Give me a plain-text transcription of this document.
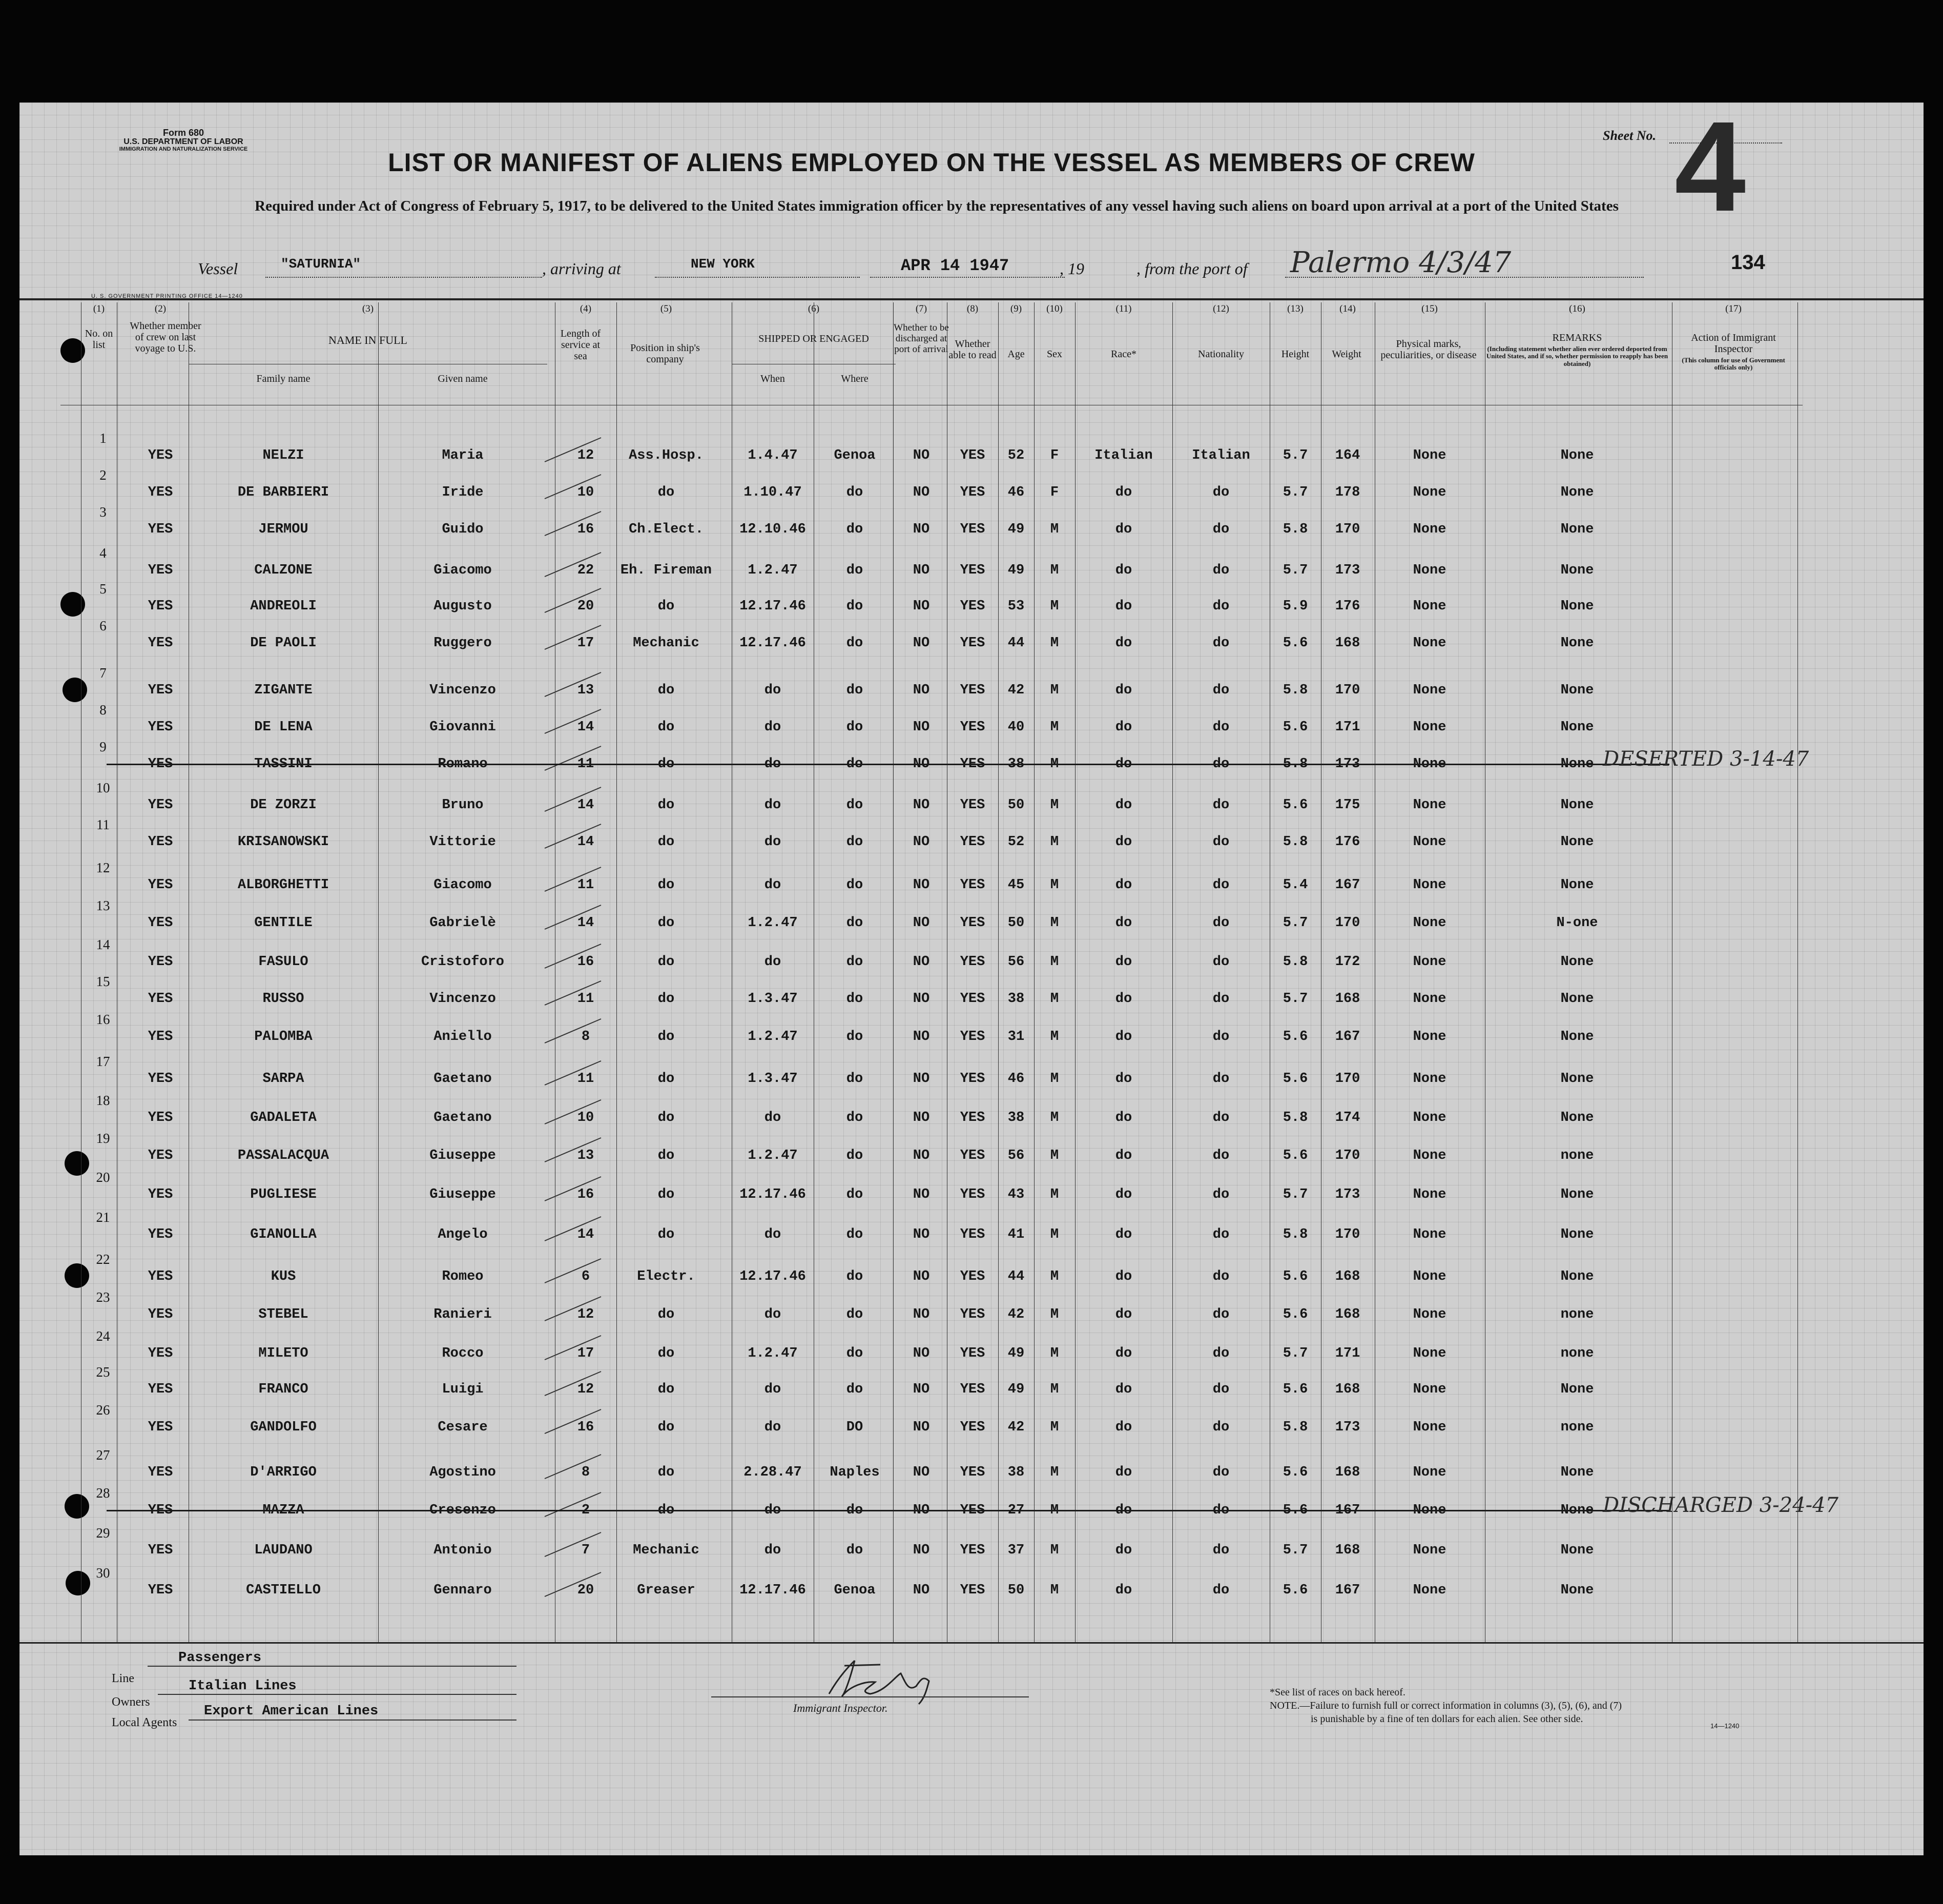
Form 680
U.S. DEPARTMENT OF LABOR
IMMIGRATION AND NATURALIZATION SERVICE	LIST OR MANIFEST OF ALIENS EMPLOYED ON THE VESSEL AS MEMBERS OF CREW
Required under Act of Congress of February 5, 1917, to be delivered to the United States immigration officer by the representatives of any vessel having such aliens on board upon arrival at a port of the United States
Sheet No. 4
Vessel	"SATURNIA"	, arriving at	NEW YORK	APR 14 1947	, 19	, from the port of Palermo 4/3/47	134
U. S. GOVERNMENT PRINTING OFFICE 14—1240
(1)	(2)	(3)	(4)	(5)	(6)	(7)	(8)	(9)	(10)	(11)	(12)	(13)	(14)	(15)	(16)	(17)
No. on list
Whether member of crew on last voyage to U.S.
NAME IN FULL
Family name	Given name
Length of service at sea
Position in ship's company
SHIPPED OR ENGAGED
When	Where
Whether to be discharged at port of arrival Whether able to read	Age	Sex	Race*	Nationality	Height	Weight
Physical marks, peculiarities, or disease
REMARKS
(Including statement whether alien ever ordered deported from United States, and if so, whether permission to reapply has been obtained)
Action of Immigrant Inspector
(This column for use of Government officials only)
1
YES	NELZI	Maria	12	Ass.Hosp.	1.4.47	Genoa	NO	YES	52	F	Italian	Italian	5.7	164	None	None
2
YES	DE BARBIERI	Iride	10	do	1.10.47	do	NO	YES	46	F	do	do	5.7	178	None	None
3
YES	JERMOU	Guido	16	Ch.Elect.	12.10.46	do	NO	YES	49	M	do	do	5.8	170	None	None
4
YES	CALZONE	Giacomo	22	Eh. Fireman	1.2.47	do	NO	YES	49	M	do	do	5.7	173	None	None
5
YES	ANDREOLI	Augusto	20	do	12.17.46	do	NO	YES	53	M	do	do	5.9	176	None	None
6
YES	DE PAOLI	Ruggero	17	Mechanic	12.17.46	do	NO	YES	44	M	do	do	5.6	168	None	None
7
YES	ZIGANTE	Vincenzo	13	do	do	do	NO	YES	42	M	do	do	5.8	170	None	None
8
YES	DE LENA	Giovanni	14	do	do	do	NO	YES	40	M	do	do	5.6	171	None	None
9
YES	TASSINI	Romano	11	do	do	do	NO	YES	38	M	do	do	5.8	173	None	None DESERTED 3-14-47
10
YES	DE ZORZI	Bruno	14	do	do	do	NO	YES	50	M	do	do	5.6	175	None	None
11
YES	KRISANOWSKI	Vittorie	14	do	do	do	NO	YES	52	M	do	do	5.8	176	None	None
12
YES	ALBORGHETTI	Giacomo	11	do	do	do	NO	YES	45	M	do	do	5.4	167	None	None
13
YES	GENTILE	Gabrielè	14	do	1.2.47	do	NO	YES	50	M	do	do	5.7	170	None	N-one
14
YES	FASULO	Cristoforo	16	do	do	do	NO	YES	56	M	do	do	5.8	172	None	None
15
YES	RUSSO	Vincenzo	11	do	1.3.47	do	NO	YES	38	M	do	do	5.7	168	None	None
16
YES	PALOMBA	Aniello	8	do	1.2.47	do	NO	YES	31	M	do	do	5.6	167	None	None
17
YES	SARPA	Gaetano	11	do	1.3.47	do	NO	YES	46	M	do	do	5.6	170	None	None
18
YES	GADALETA	Gaetano	10	do	do	do	NO	YES	38	M	do	do	5.8	174	None	None
19
YES	PASSALACQUA	Giuseppe	13	do	1.2.47	do	NO	YES	56	M	do	do	5.6	170	None	none
20
YES	PUGLIESE	Giuseppe	16	do	12.17.46	do	NO	YES	43	M	do	do	5.7	173	None	None
21
YES	GIANOLLA	Angelo	14	do	do	do	NO	YES	41	M	do	do	5.8	170	None	None
22
YES	KUS	Romeo	6	Electr.	12.17.46	do	NO	YES	44	M	do	do	5.6	168	None	None
23
YES	STEBEL	Ranieri	12	do	do	do	NO	YES	42	M	do	do	5.6	168	None	none
24
YES	MILETO	Rocco	17	do	1.2.47	do	NO	YES	49	M	do	do	5.7	171	None	none
25
YES	FRANCO	Luigi	12	do	do	do	NO	YES	49	M	do	do	5.6	168	None	None
26
YES	GANDOLFO	Cesare	16	do	do	DO	NO	YES	42	M	do	do	5.8	173	None	none
27
YES	D'ARRIGO	Agostino	8	do	2.28.47	Naples	NO	YES	38	M	do	do	5.6	168	None	None
28
YES	MAZZA	Cresenzo	2	do	do	do	NO	YES	27	M	do	do	5.6	167	None	None DISCHARGED 3-24-47
29
YES	LAUDANO	Antonio	7	Mechanic	do	do	NO	YES	37	M	do	do	5.7	168	None	None
30
YES	CASTIELLO	Gennaro	20	Greaser	12.17.46	Genoa	NO	YES	50	M	do	do	5.6	167	None	None
Line
Passengers
Owners
Italian Lines
Local Agents
Export American Lines	Immigrant Inspector.
*See list of races on back hereof.
NOTE.—Failure to furnish full or correct information in columns (3), (5), (6), and (7)
is punishable by a fine of ten dollars for each alien. See other side.
14—1240
